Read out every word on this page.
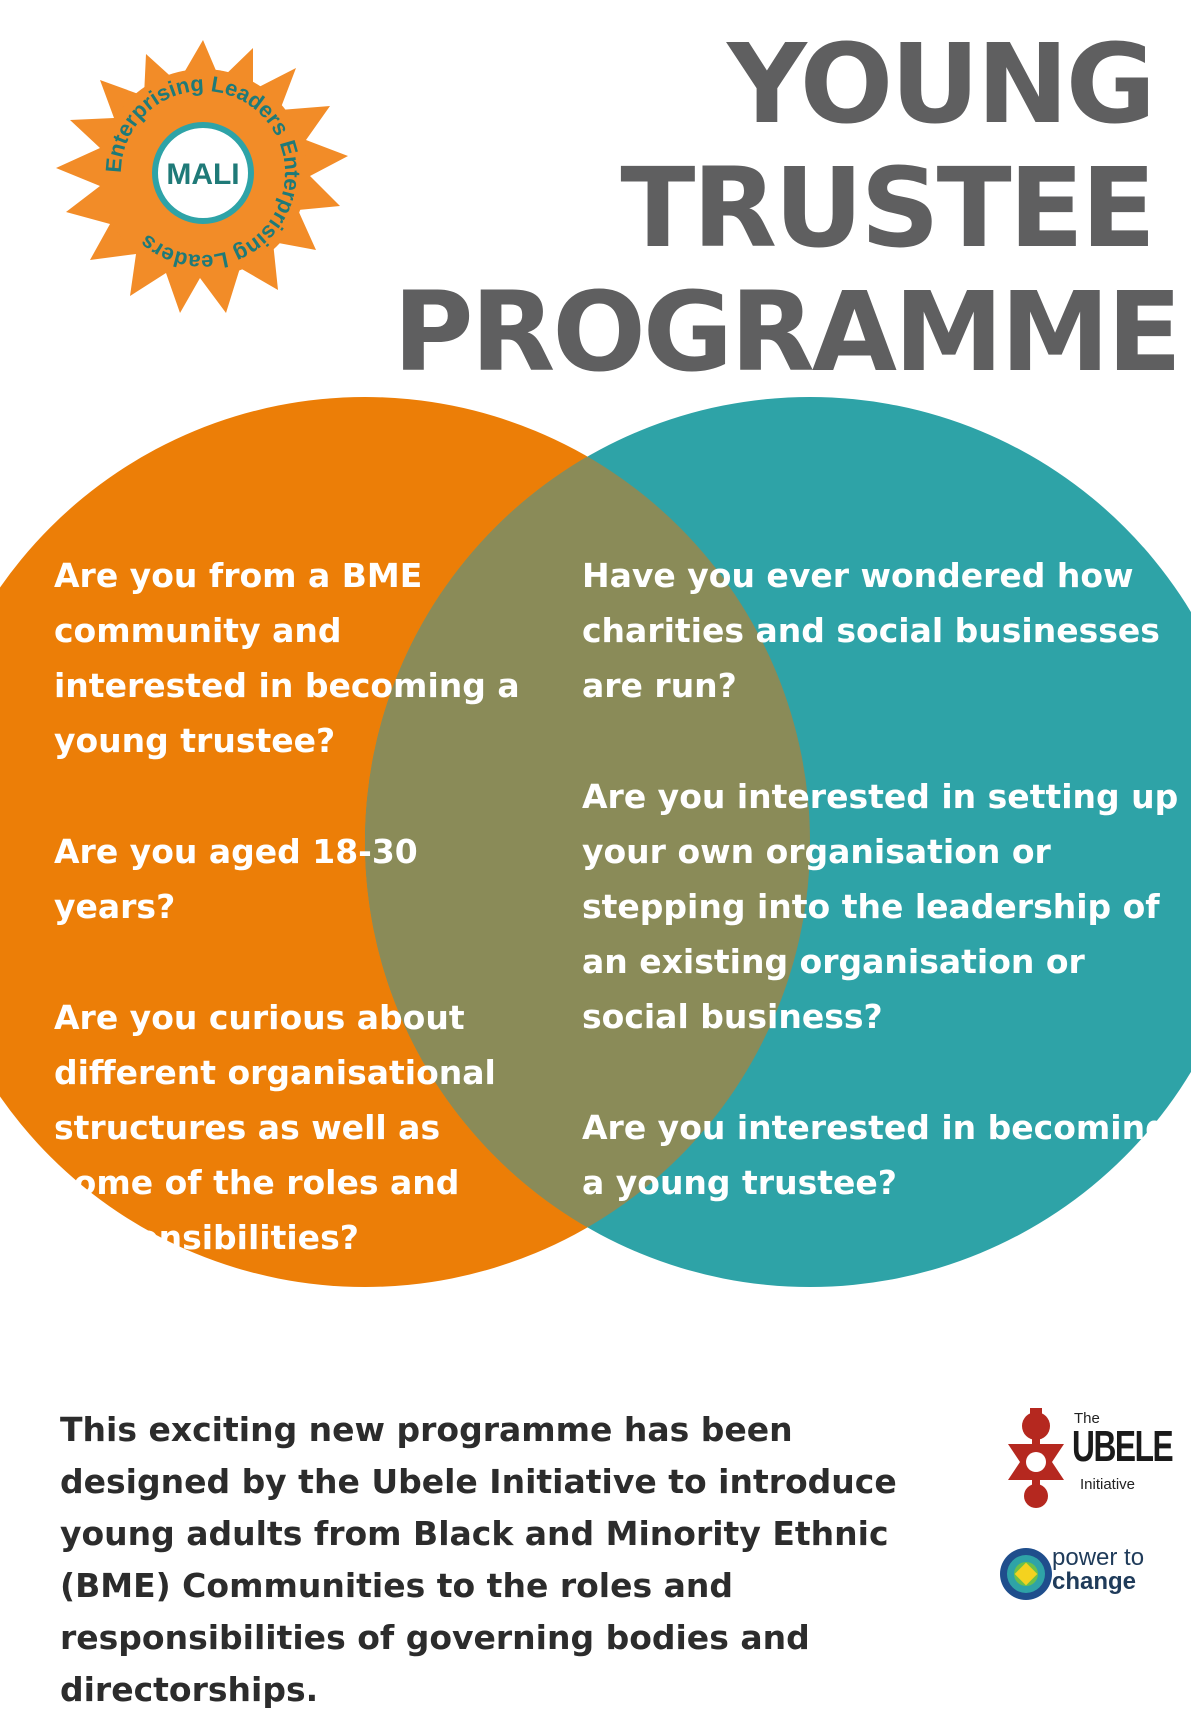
Enterprising Leaders Enterprising Leaders
MALI
YOUNG
TRUSTEE
PROGRAMME

Are you from a BME community and interested in becoming a young trustee?

Are you aged 18-30 years?

Are you curious about different organisational structures as well as some of the roles and responsibilities?

Have you ever wondered how charities and social businesses are run?

Are you interested in setting up your own organisation or stepping into the leadership of an existing organisation or social business?

Are you interested in becoming a young trustee?

This exciting new programme has been designed by the Ubele Initiative to introduce young adults from Black and Minority Ethnic (BME) Communities to the roles and responsibilities of governing bodies and directorships.
The
UBELE
Initiative
power to
change
